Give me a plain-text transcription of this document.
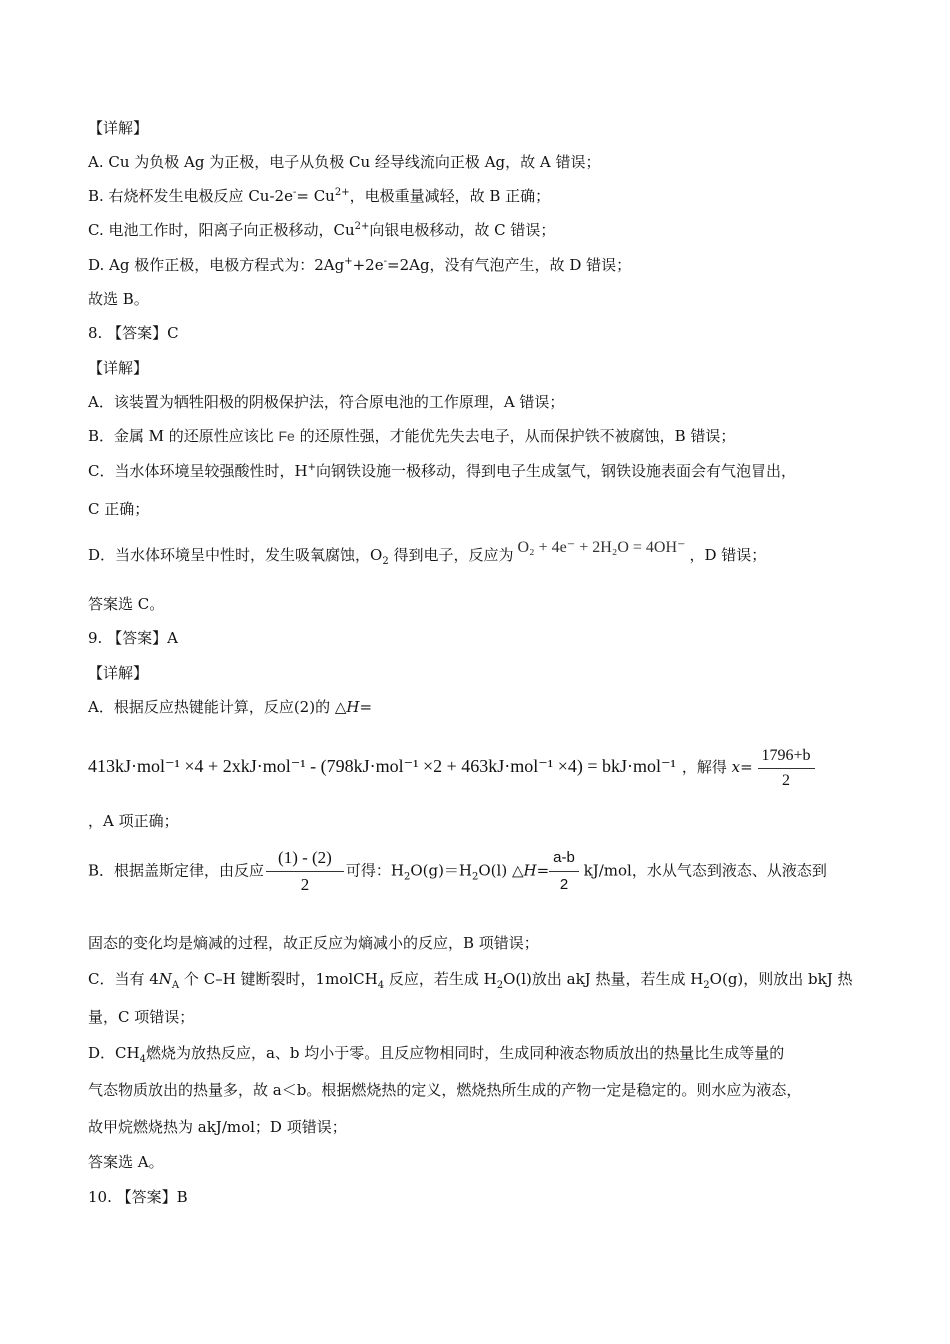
【详解】
A. Cu 为负极 Ag 为正极，电子从负极 Cu 经导线流向正极 Ag，故 A 错误；
B. 右烧杯发生电极反应 $Cu-2e^-= Cu^{2+}$，电极重量减轻，故 B 正确；
C. 电池工作时，阳离子向正极移动，$Cu^{2+}$向银电极移动，故 C 错误；
D. Ag 极作正极，电极方程式为：2Ag++2e-=2Ag，没有气泡产生，故 D 错误；
故选 B。
8. 【答案】C
【详解】
A．该装置为牺牲阳极的阴极保护法，符合原电池的工作原理，A 错误；
B．金属 M 的还原性应该比 Fe 的还原性强，才能优先失去电子，从而保护铁不被腐蚀，B 错误；
C．当水体环境呈较强酸性时，H+向钢铁设施一极移动，得到电子生成氢气，钢铁设施表面会有气泡冒出，
C 正确；
D．当水体环境呈中性时，发生吸氧腐蚀，$O_2$ 得到电子，反应为 O₂ + 4e⁻ + 2H₂O = 4OH⁻ ，D 错误；
答案选 C。
9. 【答案】A
【详解】
A．根据反应热键能计算，反应(2)的 △H=
413kJ·mol⁻¹ ×4 + 2xkJ·mol⁻¹ - (798kJ·mol⁻¹ ×2 + 463kJ·mol⁻¹ ×4) = bkJ·mol⁻¹ ，解得 $x= \frac{1796+b}{2}$
，A 项正确；
B．根据盖斯定律，由反应 $\frac{(1) - (2)}{2}$ 可得：$H_2O(g)=H_2O(l)$ △H= $\frac{a-b}{2} kJ/mol$，水从气态到液态、从液态到
固态的变化均是熵减的过程，故正反应为熵减小的反应，B 项错误；
C．当有 $4N_A$ 个 C–H 键断裂时，1molCH$_4$ 反应，若生成 $H_2O(l)$放出 akJ 热量，若生成 $H_2O(g)$，则放出 bkJ 热
量，C 项错误；
D．$CH_4$燃烧为放热反应，a、b 均小于零。且反应物相同时，生成同种液态物质放出的热量比生成等量的
气态物质放出的热量多，故 a＜b。根据燃烧热的定义，燃烧热所生成的产物一定是稳定的。则水应为液态，
故甲烷燃烧热为 akJ/mol；D 项错误；
答案选 A。
10. 【答案】B
